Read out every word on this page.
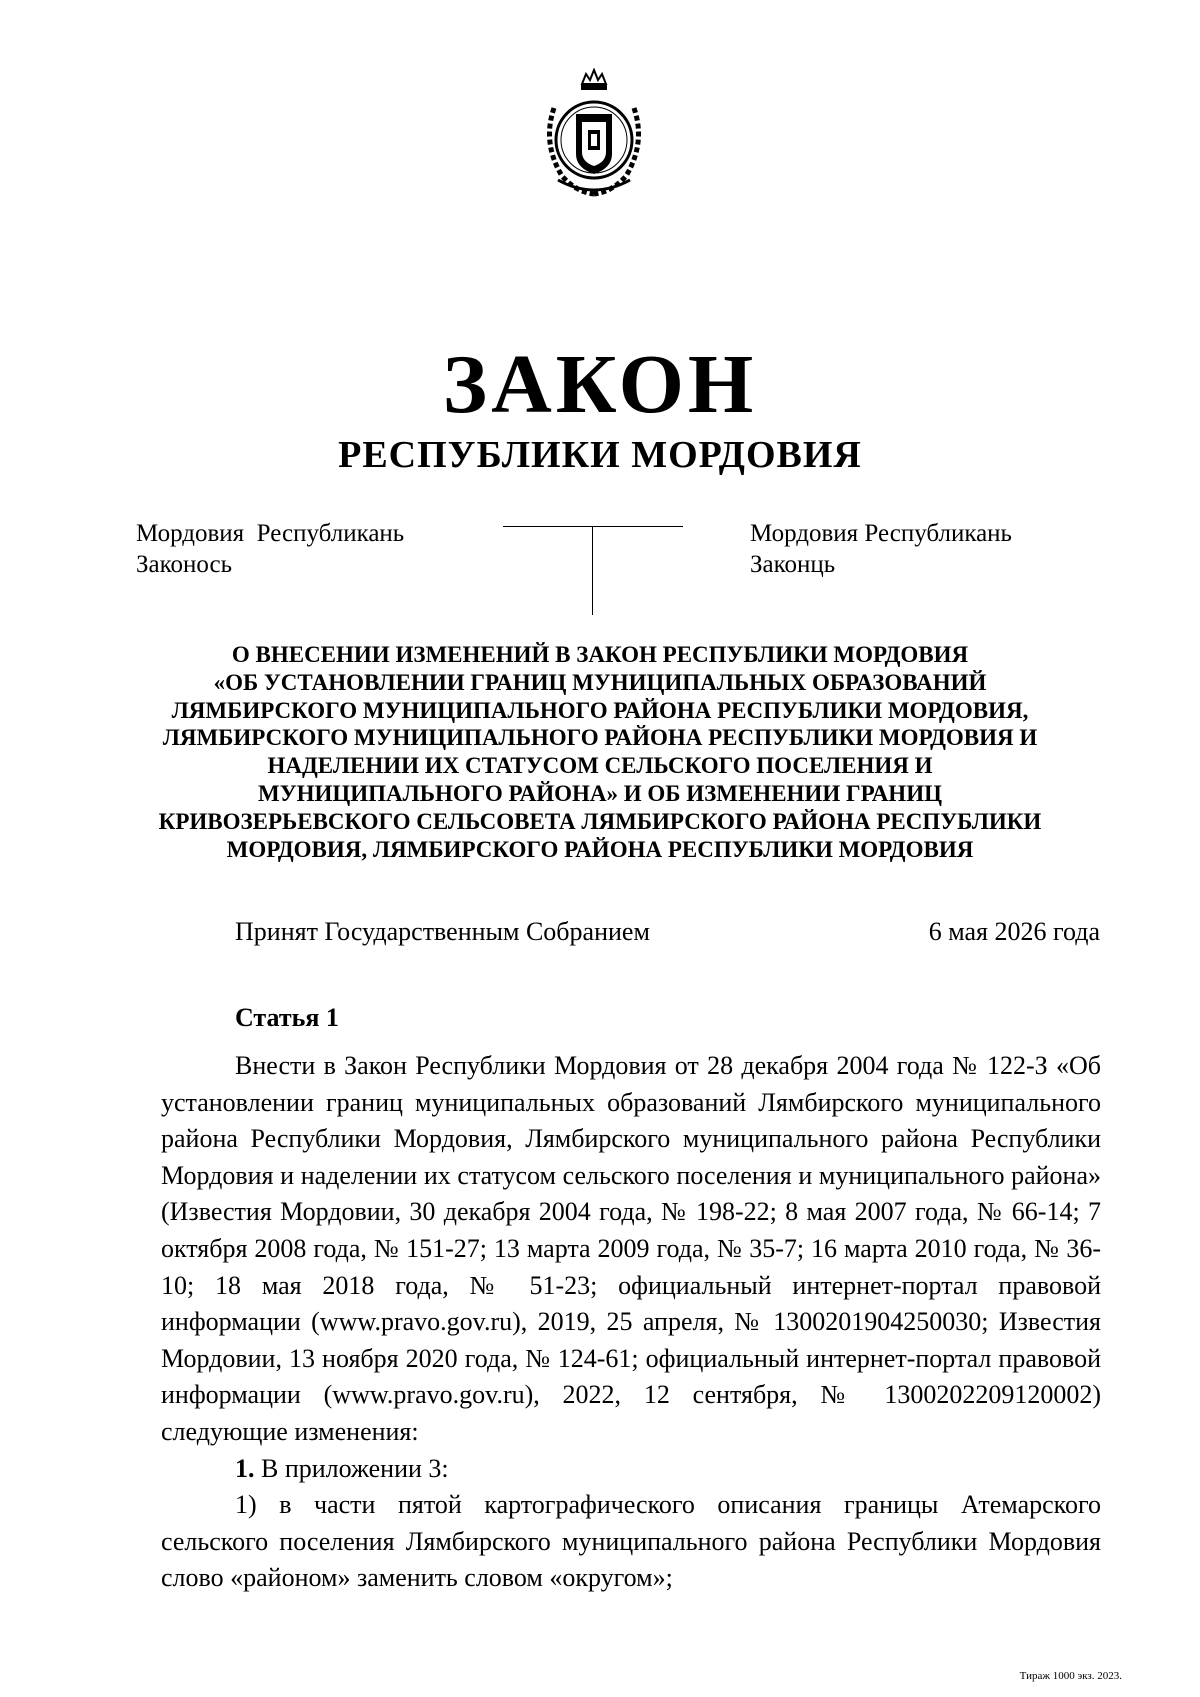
ЗАКОН
РЕСПУБЛИКИ МОРДОВИЯ
Мордовия  Республикань
Законось
Мордовия Республикань
Законць
О ВНЕСЕНИИ ИЗМЕНЕНИЙ В ЗАКОН РЕСПУБЛИКИ МОРДОВИЯ
«ОБ УСТАНОВЛЕНИИ ГРАНИЦ МУНИЦИПАЛЬНЫХ ОБРАЗОВАНИЙ
ЛЯМБИРСКОГО МУНИЦИПАЛЬНОГО РАЙОНА РЕСПУБЛИКИ МОРДОВИЯ,
ЛЯМБИРСКОГО МУНИЦИПАЛЬНОГО РАЙОНА РЕСПУБЛИКИ МОРДОВИЯ И
НАДЕЛЕНИИ ИХ СТАТУСОМ СЕЛЬСКОГО ПОСЕЛЕНИЯ И
МУНИЦИПАЛЬНОГО РАЙОНА» И ОБ ИЗМЕНЕНИИ ГРАНИЦ
КРИВОЗЕРЬЕВСКОГО СЕЛЬСОВЕТА ЛЯМБИРСКОГО РАЙОНА РЕСПУБЛИКИ
МОРДОВИЯ, ЛЯМБИРСКОГО РАЙОНА РЕСПУБЛИКИ МОРДОВИЯ
Принят Государственным Собранием	6 мая 2026 года
Статья 1

Внести в Закон Республики Мордовия от 28 декабря 2004 года № 122-З «Об установлении границ муниципальных образований Лямбирского муниципального района Республики Мордовия, Лямбирского муниципального района Республики Мордовия и наделении их статусом сельского поселения и муниципального района» (Известия Мордовии, 30 декабря 2004 года, № 198-22; 8 мая 2007 года, № 66-14; 7 октября 2008 года, № 151-27; 13 марта 2009 года, № 35-7; 16 марта 2010 года, № 36-10; 18 мая 2018 года, № 51-23; официальный интернет-портал правовой информации (www.pravo.gov.ru), 2019, 25 апреля, № 1300201904250030; Известия Мордовии, 13 ноября 2020 года, № 124-61; официальный интернет-портал правовой информации (www.pravo.gov.ru), 2022, 12 сентября, № 1300202209120002) следующие изменения:

1. В приложении 3:

1) в части пятой картографического описания границы Атемарского сельского поселения Лямбирского муниципального района Республики Мордовия слово «районом» заменить словом «округом»;

Тираж 1000 экз. 2023.
